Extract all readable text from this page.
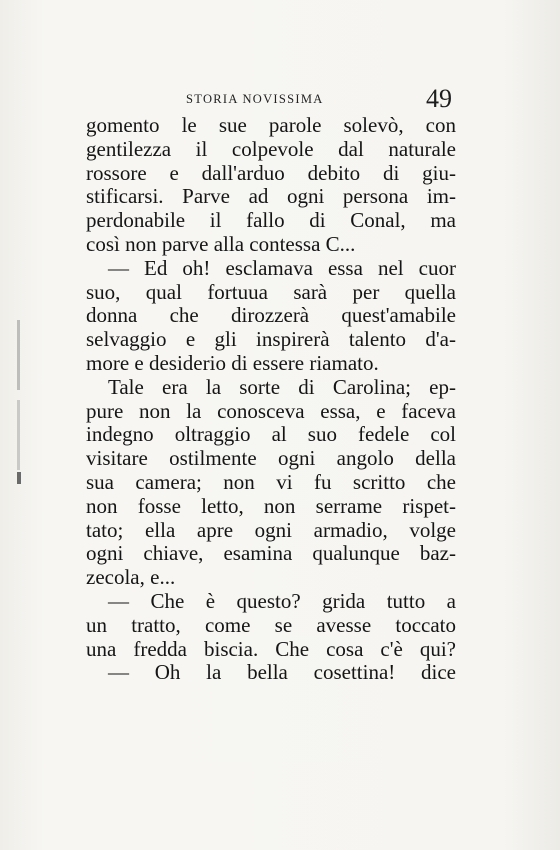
STORIA NOVISSIMA	49
gomento le sue parole solevò, con
gentilezza il colpevole dal naturale
rossore e dall'arduo debito di giu-
stificarsi. Parve ad ogni persona im-
perdonabile il fallo di Conal, ma
così non parve alla contessa C...
— Ed oh! esclamava essa nel cuor
suo, qual fortuua sarà per quella
donna che dirozzerà quest'amabile
selvaggio e gli inspirerà talento d'a-
more e desiderio di essere riamato.
Tale era la sorte di Carolina; ep-
pure non la conosceva essa, e faceva
indegno oltraggio al suo fedele col
visitare ostilmente ogni angolo della
sua camera; non vi fu scritto che
non fosse letto, non serrame rispet-
tato; ella apre ogni armadio, volge
ogni chiave, esamina qualunque baz-
zecola, e...
— Che è questo? grida tutto a
un tratto, come se avesse toccato
una fredda biscia. Che cosa c'è qui?
— Oh la bella cosettina! dice
